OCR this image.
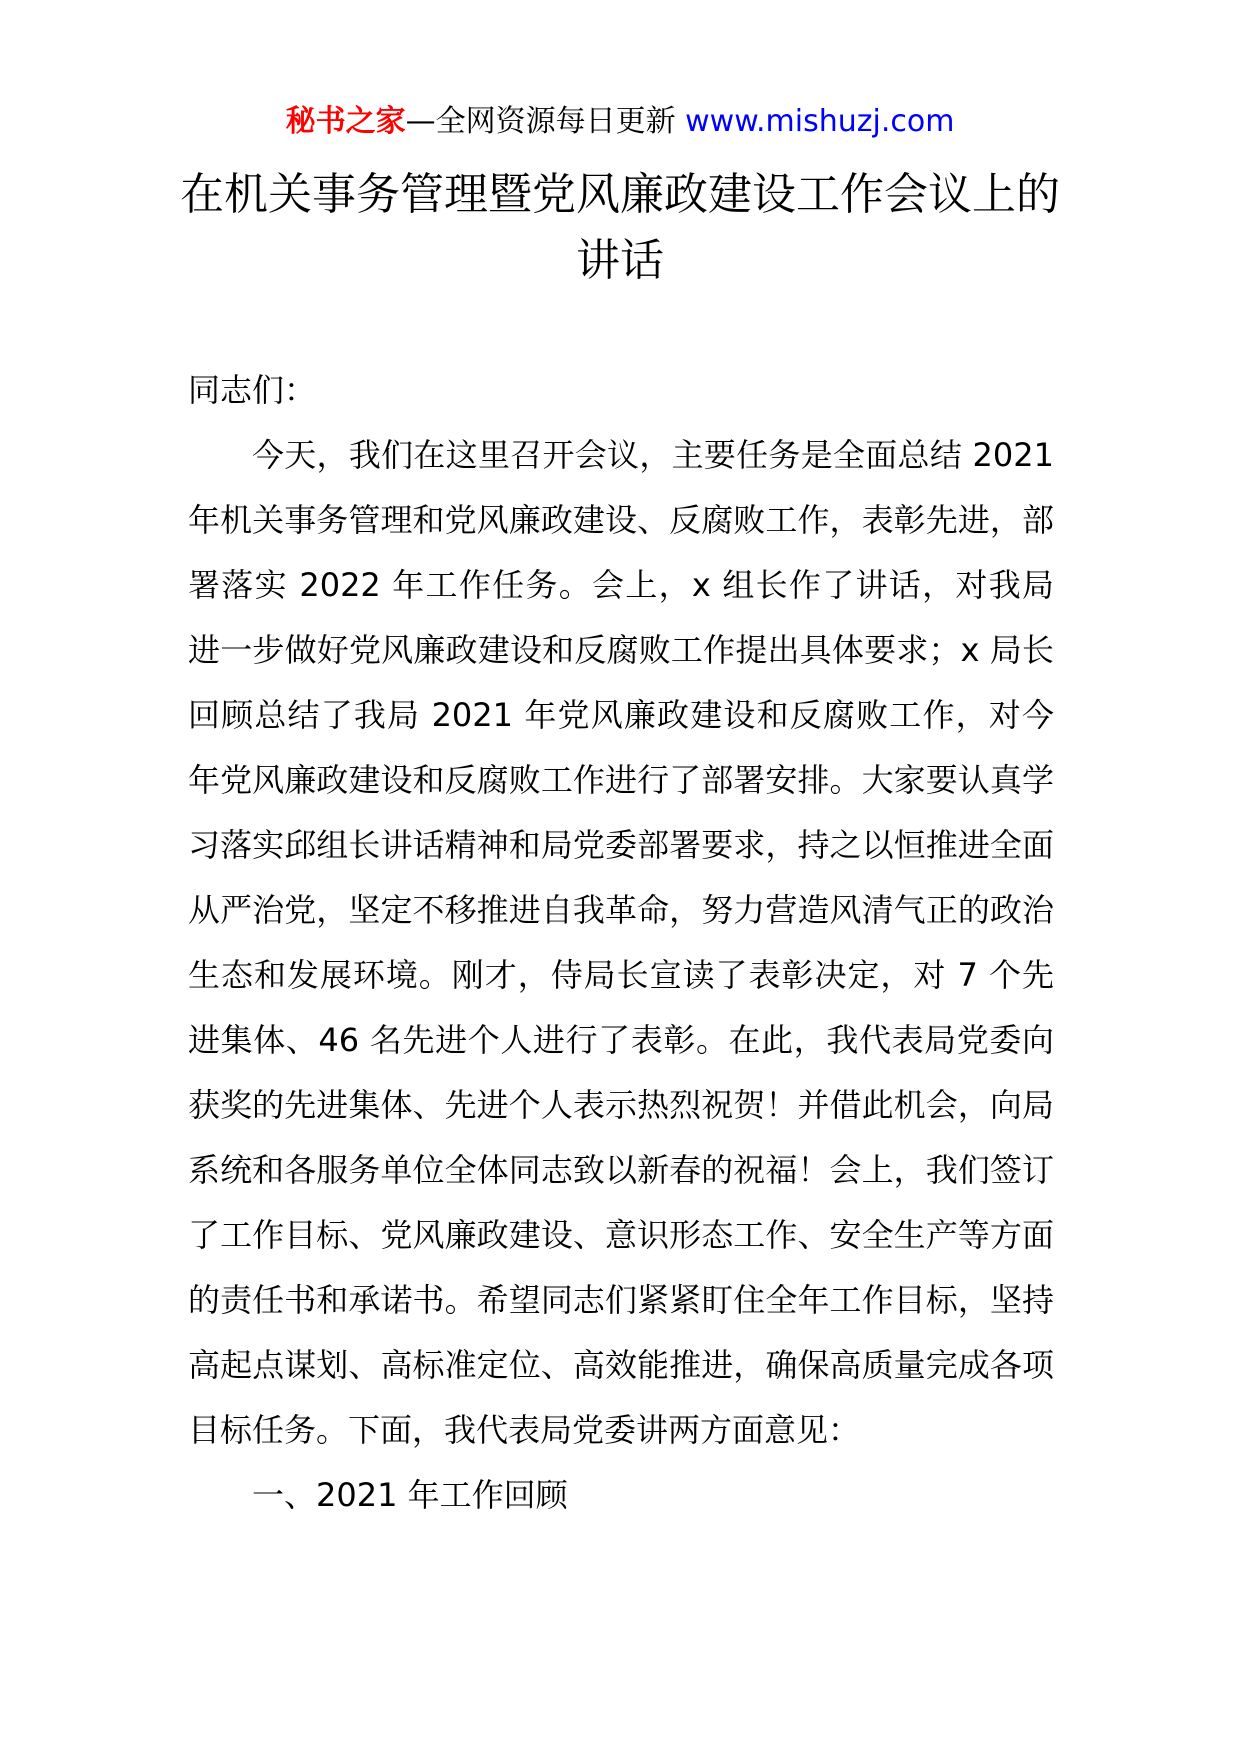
秘书之家—全网资源每日更新 www.mishuzj.com
在机关事务管理暨党风廉政建设工作会议上的讲话

同志们：

今天，我们在这里召开会议，主要任务是全面总结 2021 年机关事务管理和党风廉政建设、反腐败工作，表彰先进，部署落实 2022 年工作任务。会上，x 组长作了讲话，对我局进一步做好党风廉政建设和反腐败工作提出具体要求；x 局长回顾总结了我局 2021 年党风廉政建设和反腐败工作，对今年党风廉政建设和反腐败工作进行了部署安排。大家要认真学习落实邱组长讲话精神和局党委部署要求，持之以恒推进全面从严治党，坚定不移推进自我革命，努力营造风清气正的政治生态和发展环境。刚才，侍局长宣读了表彰决定，对 7 个先进集体、46 名先进个人进行了表彰。在此，我代表局党委向获奖的先进集体、先进个人表示热烈祝贺！并借此机会，向局系统和各服务单位全体同志致以新春的祝福！会上，我们签订了工作目标、党风廉政建设、意识形态工作、安全生产等方面的责任书和承诺书。希望同志们紧紧盯住全年工作目标，坚持高起点谋划、高标准定位、高效能推进，确保高质量完成各项目标任务。下面，我代表局党委讲两方面意见：

一、2021 年工作回顾
